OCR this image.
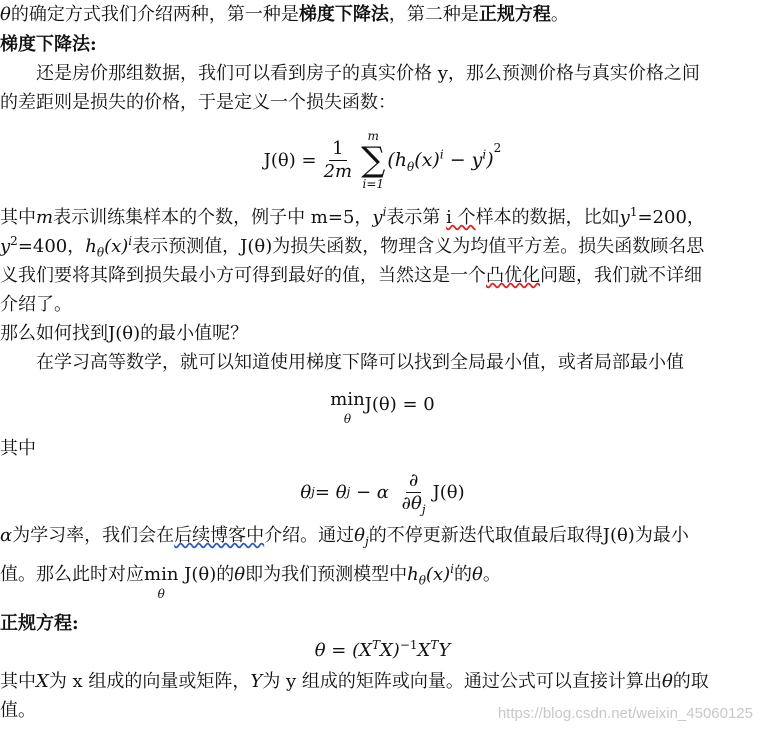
θ的确定方式我们介绍两种，第一种是梯度下降法，第二种是正规方程。
梯度下降法:
还是房价那组数据，我们可以看到房子的真实价格 y，那么预测价格与真实价格之间
的差距则是损失的价格，于是定义一个损失函数：
$J(\theta) = \frac{1}{2m}$
m
∑
i=1
$(h_\theta(x)^i - y^i)^2$
其中m表示训练集样本的个数，例子中 m=5，$y^i$表示第 i 个样本的数据，比如$y^1=200$，
$y^2=400$，$h_\theta(x)^i$表示预测值，J(θ)为损失函数，物理含义为均值平方差。损失函数顾名思
义我们要将其降到损失最小方可得到最好的值，当然这是一个凸优化问题，我们就不详细
介绍了。
那么如何找到J(θ)的最小值呢？
在学习高等数学，就可以知道使用梯度下降可以找到全局最小值，或者局部最小值
min
θ
J(θ) = 0
其中
θ j = θ j − α $\frac{\partial}{\partial\theta_j} J(\theta)$
α为学习率，我们会在后续博客中介绍。通过$\theta_j$的不停更新迭代取值最后取得J(θ)为最小
值。那么此时对应 min
θ
J(θ)的θ即为我们预测模型中$h_\theta(x)^i$的θ。
正规方程:
$\theta = (X^TX)^{-1}X^TY$
其中X为 x 组成的向量或矩阵，Y为 y 组成的矩阵或向量。通过公式可以直接计算出θ的取
值。	https://blog.csdn.net/weixin_45060125
